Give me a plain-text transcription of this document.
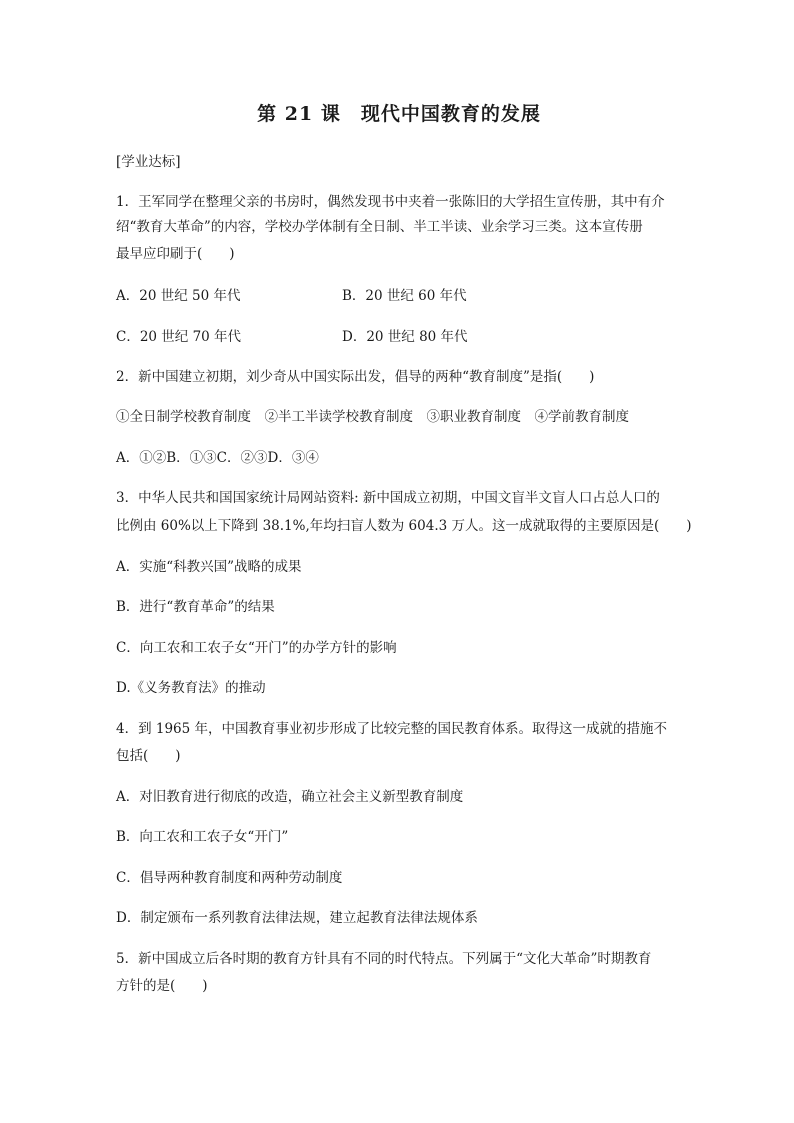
第 21 课　现代中国教育的发展
[学业达标]
1．王军同学在整理父亲的书房时，偶然发现书中夹着一张陈旧的大学招生宣传册，其中有介
绍“教育大革命”的内容，学校办学体制有全日制、半工半读、业余学习三类。这本宣传册
最早应印刷于(　　)
A．20 世纪 50 年代	B．20 世纪 60 年代
C．20 世纪 70 年代	D．20 世纪 80 年代
2．新中国建立初期，刘少奇从中国实际出发，倡导的两种“教育制度”是指(　　)
①全日制学校教育制度　②半工半读学校教育制度　③职业教育制度　④学前教育制度
A．①②B．①③C．②③D．③④
3．中华人民共和国国家统计局网站资料: 新中国成立初期，中国文盲半文盲人口占总人口的
比例由 60%以上下降到 38.1%,年均扫盲人数为 604.3 万人。这一成就取得的主要原因是(　　)
A．实施“科教兴国”战略的成果
B．进行“教育革命”的结果
C．向工农和工农子女“开门”的办学方针的影响
D.《义务教育法》的推动
4．到 1965 年，中国教育事业初步形成了比较完整的国民教育体系。取得这一成就的措施不
包括(　　)
A．对旧教育进行彻底的改造，确立社会主义新型教育制度
B．向工农和工农子女“开门”
C．倡导两种教育制度和两种劳动制度
D．制定颁布一系列教育法律法规，建立起教育法律法规体系
5．新中国成立后各时期的教育方针具有不同的时代特点。下列属于“文化大革命”时期教育
方针的是(　　)
